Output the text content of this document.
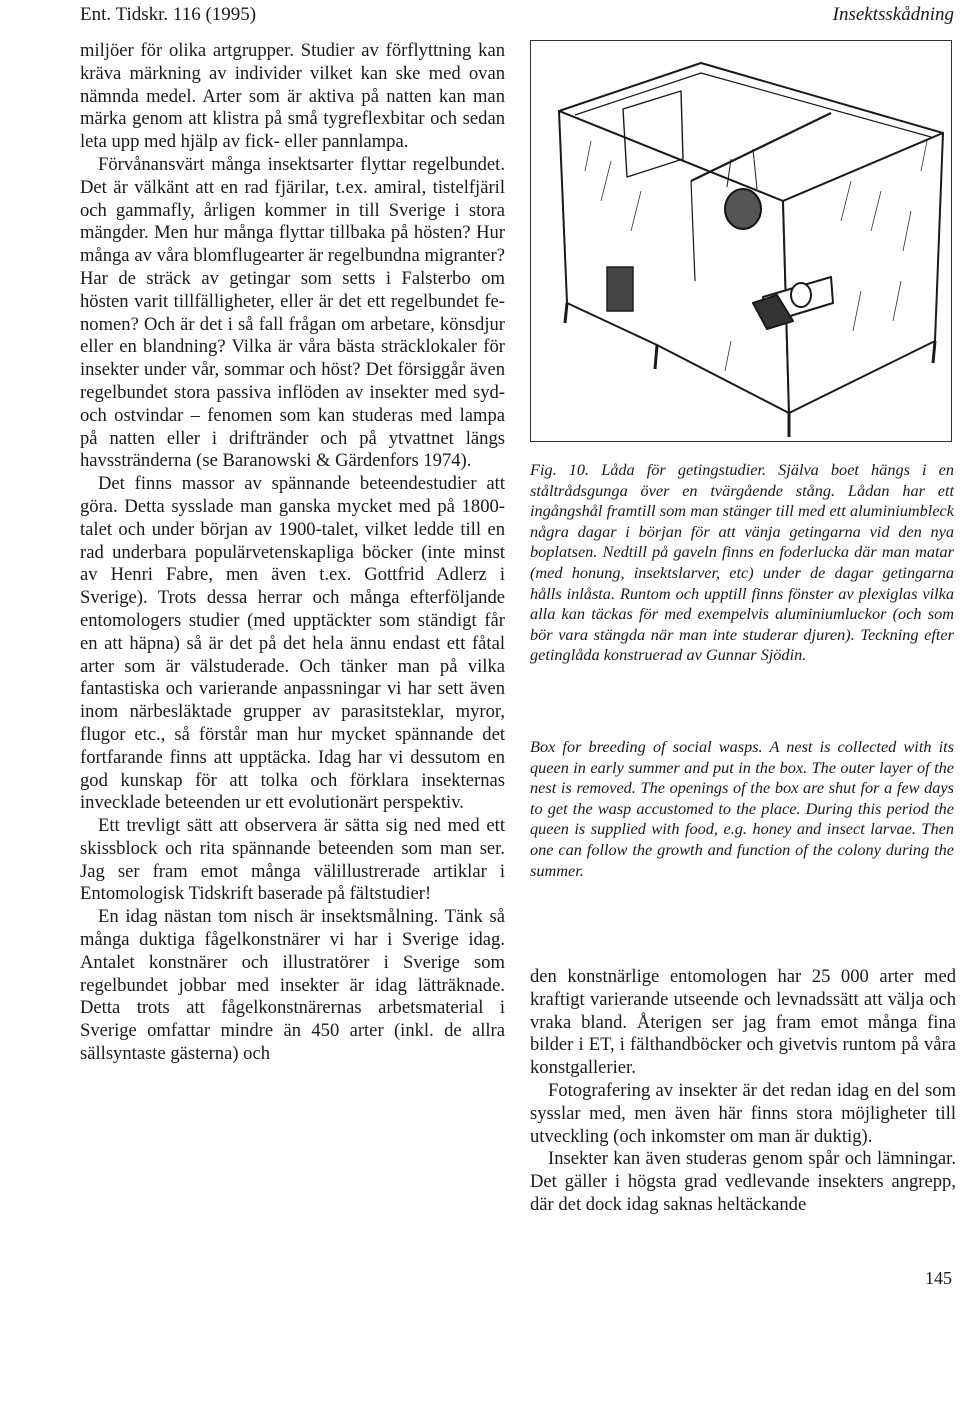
Ent. Tidskr. 116 (1995)	Insektsskådning

miljöer för olika artgrupper. Studier av förflyttning kan kräva märkning av individer vilket kan ske med ovan nämnda medel. Arter som är aktiva på natten kan man märka genom att klistra på små tygreflexbitar och sedan leta upp med hjälp av fick- eller pannlampa.

Förvånansvärt många insektsarter flyttar regelbundet. Det är välkänt att en rad fjärilar, t.ex. amiral, tistelfjäril och gammafly, årligen kommer in till Sverige i stora mängder. Men hur många flyttar tillbaka på hösten? Hur många av våra blomflugearter är regelbundna migranter? Har de sträck av getingar som setts i Falsterbo om hösten varit tillfälligheter, eller är det ett regelbundet fenomen? Och är det i så fall frågan om arbetare, könsdjur eller en blandning? Vilka är våra bästa sträcklokaler för insekter under vår, sommar och höst? Det försiggår även regelbundet stora passiva inflöden av insekter med syd- och ostvindar – fenomen som kan studeras med lampa på natten eller i driftränder och på ytvattnet längs havsstränderna (se Baranowski & Gärdenfors 1974).

Det finns massor av spännande beteendestudier att göra. Detta sysslade man ganska mycket med på 1800-talet och under början av 1900-talet, vilket ledde till en rad underbara populärvetenskapliga böcker (inte minst av Henri Fabre, men även t.ex. Gottfrid Adlerz i Sverige). Trots dessa herrar och många efterföljande entomologers studier (med upptäckter som ständigt får en att häpna) så är det på det hela ännu endast ett fåtal arter som är välstuderade. Och tänker man på vilka fantastiska och varierande anpassningar vi har sett även inom närbesläktade grupper av parasitsteklar, myror, flugor etc., så förstår man hur mycket spännande det fortfarande finns att upptäcka. Idag har vi dessutom en god kunskap för att tolka och förklara insekternas invecklade beteenden ur ett evolutionärt perspektiv.

Ett trevligt sätt att observera är sätta sig ned med ett skissblock och rita spännande beteenden som man ser. Jag ser fram emot många välillustrerade artiklar i Entomologisk Tidskrift baserade på fältstudier!

En idag nästan tom nisch är insektsmålning. Tänk så många duktiga fågelkonstnärer vi har i Sverige idag. Antalet konstnärer och illustratörer i Sverige som regelbundet jobbar med insekter är idag lätträknade. Detta trots att fågelkonstnärernas arbetsmaterial i Sverige omfattar mindre än 450 arter (inkl. de allra sällsyntaste gästerna) och

Fig. 10. Låda för getingstudier. Själva boet hängs i en ståltrådsgunga över en tvärgående stång. Lådan har ett ingångshål framtill som man stänger till med ett aluminiumbleck några dagar i början för att vänja getingarna vid den nya boplatsen. Nedtill på gaveln finns en foderlucka där man matar (med honung, insektslarver, etc) under de dagar getingarna hålls inlåsta. Runtom och upptill finns fönster av plexiglas vilka alla kan täckas för med exempelvis aluminiumluckor (och som bör vara stängda när man inte studerar djuren). Teckning efter getinglåda konstruerad av Gunnar Sjödin.
Box for breeding of social wasps. A nest is collected with its queen in early summer and put in the box. The outer layer of the nest is removed. The openings of the box are shut for a few days to get the wasp accustomed to the place. During this period the queen is supplied with food, e.g. honey and insect larvae. Then one can follow the growth and function of the colony during the summer.

den konstnärlige entomologen har 25 000 arter med kraftigt varierande utseende och levnadssätt att välja och vraka bland. Återigen ser jag fram emot många fina bilder i ET, i fälthandböcker och givetvis runtom på våra konstgallerier.

Fotografering av insekter är det redan idag en del som sysslar med, men även här finns stora möjligheter till utveckling (och inkomster om man är duktig).

Insekter kan även studeras genom spår och lämningar. Det gäller i högsta grad vedlevande insekters angrepp, där det dock idag saknas heltäckande

145
